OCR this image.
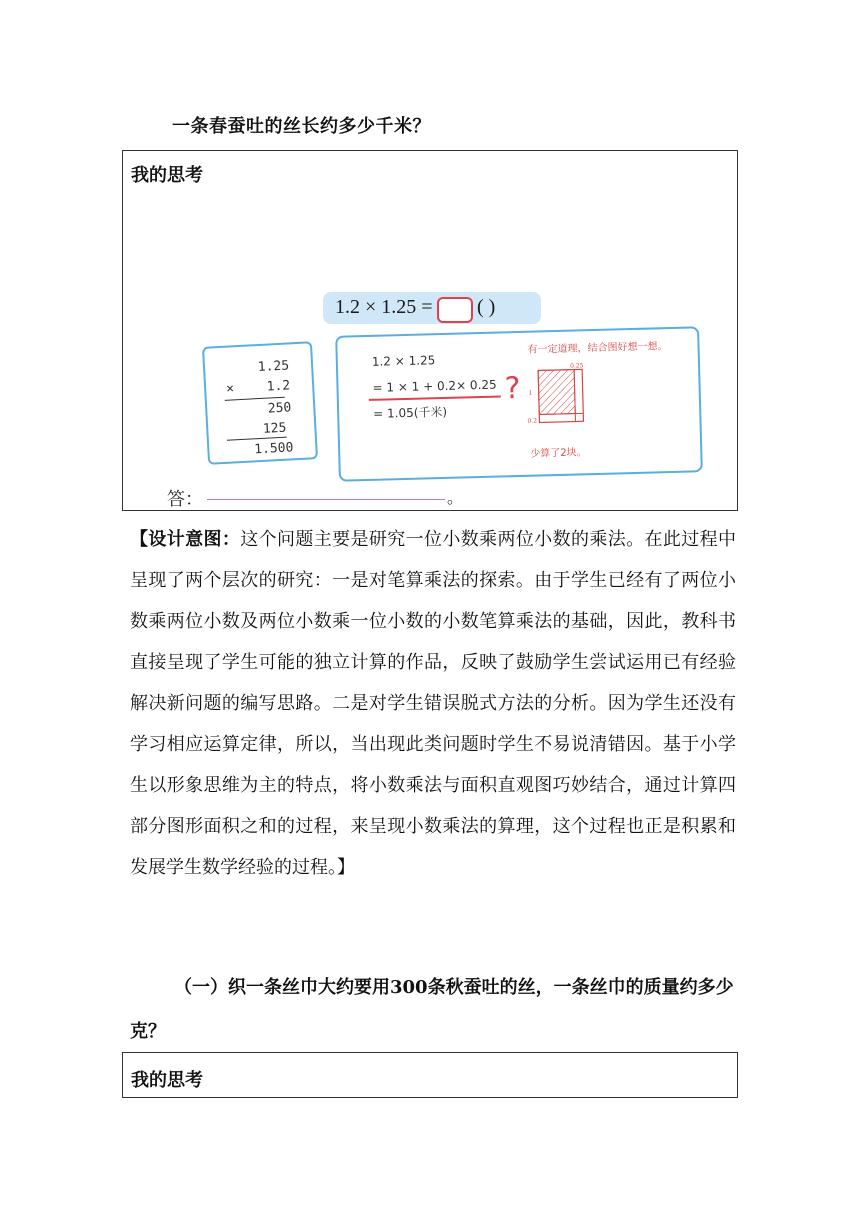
一条春蚕吐的丝长约多少千米？
我的思考
1.2 × 1.25 = ( )
1.25
× 1.2
250
125
1.500
1.2 × 1.25
= 1 × 1 + 0.2× 0.25
= 1.05(千米)
?
有一定道理，结合图好想一想。
0.25
1
0.2
少算了2块。
答：	。
【设计意图：这个问题主要是研究一位小数乘两位小数的乘法。在此过程中呈现了两个层次的研究：一是对笔算乘法的探索。由于学生已经有了两位小数乘两位小数及两位小数乘一位小数的小数笔算乘法的基础，因此，教科书直接呈现了学生可能的独立计算的作品，反映了鼓励学生尝试运用已有经验解决新问题的编写思路。二是对学生错误脱式方法的分析。因为学生还没有学习相应运算定律，所以，当出现此类问题时学生不易说清错因。基于小学生以形象思维为主的特点，将小数乘法与面积直观图巧妙结合，通过计算四部分图形面积之和的过程，来呈现小数乘法的算理，这个过程也正是积累和发展学生数学经验的过程。】
（一）织一条丝巾大约要用300条秋蚕吐的丝，一条丝巾的质量约多少克？
我的思考
